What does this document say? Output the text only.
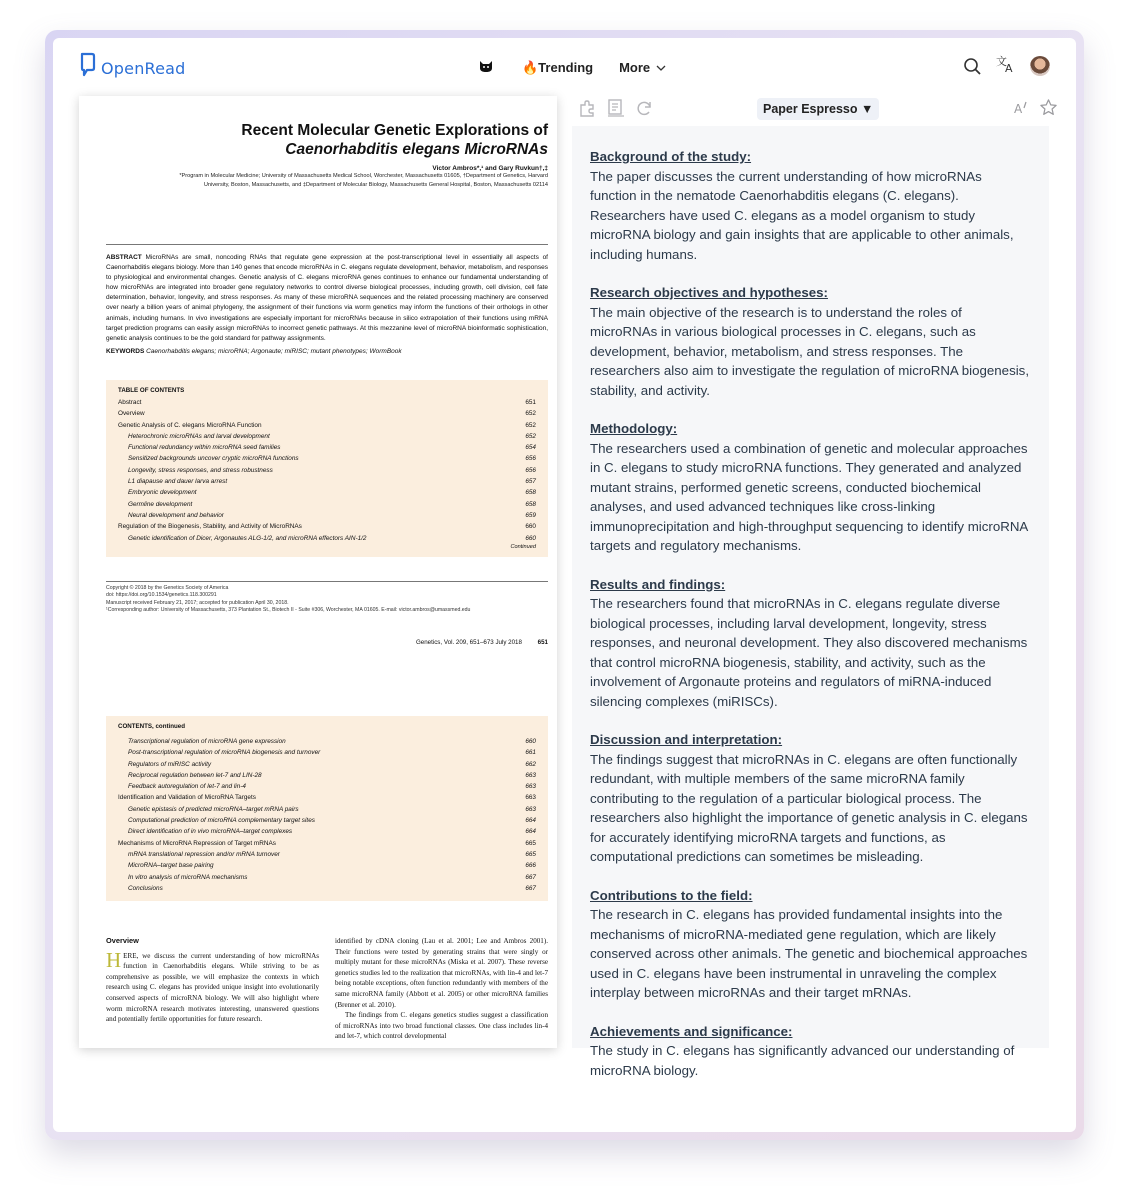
OpenRead	🔥Trending More	文
A
Recent Molecular Genetic Explorations of
Caenorhabditis elegans MicroRNAs
Victor Ambros*,¹ and Gary Ruvkun†,‡
*Program in Molecular Medicine; University of Massachusetts Medical School, Worchester, Massachusetts 01605, †Department of Genetics, Harvard University, Boston, Massachusetts, and ‡Department of Molecular Biology, Massachusetts General Hospital, Boston, Massachusetts 02114
ABSTRACT MicroRNAs are small, noncoding RNAs that regulate gene expression at the post-transcriptional level in essentially all aspects of Caenorhabditis elegans biology. More than 140 genes that encode microRNAs in C. elegans regulate development, behavior, metabolism, and responses to physiological and environmental changes. Genetic analysis of C. elegans microRNA genes continues to enhance our fundamental understanding of how microRNAs are integrated into broader gene regulatory networks to control diverse biological processes, including growth, cell division, cell fate determination, behavior, longevity, and stress responses. As many of these microRNA sequences and the related processing machinery are conserved over nearly a billion years of animal phylogeny, the assignment of their functions via worm genetics may inform the functions of their orthologs in other animals, including humans. In vivo investigations are especially important for microRNAs because in silico extrapolation of their functions using mRNA target prediction programs can easily assign microRNAs to incorrect genetic pathways. At this mezzanine level of microRNA bioinformatic sophistication, genetic analysis continues to be the gold standard for pathway assignments.
KEYWORDS Caenorhabditis elegans; microRNA; Argonaute; miRISC; mutant phenotypes; WormBook
TABLE OF CONTENTS
Abstract	651
Overview	652
Genetic Analysis of C. elegans MicroRNA Function	652
Heterochronic microRNAs and larval development	652
Functional redundancy within microRNA seed families	654
Sensitized backgrounds uncover cryptic microRNA functions	656
Longevity, stress responses, and stress robustness	656
L1 diapause and dauer larva arrest	657
Embryonic development	658
Germline development	658
Neural development and behavior	659
Regulation of the Biogenesis, Stability, and Activity of MicroRNAs	660
Genetic identification of Dicer, Argonautes ALG-1/2, and microRNA effectors AIN-1/2	660
Continued
Copyright © 2018 by the Genetics Society of America
doi: https://doi.org/10.1534/genetics.118.300291
Manuscript received February 21, 2017; accepted for publication April 30, 2018.
¹Corresponding author: University of Massachusetts, 373 Plantation St., Biotech II - Suite #306, Worchester, MA 01605. E-mail: victor.ambros@umassmed.edu
Genetics, Vol. 209, 651–673 July 2018	651
CONTENTS, continued
Transcriptional regulation of microRNA gene expression	660
Post-transcriptional regulation of microRNA biogenesis and turnover	661
Regulators of miRISC activity	662
Reciprocal regulation between let-7 and LIN-28	663
Feedback autoregulation of let-7 and lin-4	663
Identification and Validation of MicroRNA Targets	663
Genetic epistasis of predicted microRNA–target mRNA pairs	663
Computational prediction of microRNA complementary target sites	664
Direct identification of in vivo microRNA–target complexes	664
Mechanisms of MicroRNA Repression of Target mRNAs	665
mRNA translational repression and/or mRNA turnover	665
MicroRNA–target base pairing	666
In vitro analysis of microRNA mechanisms	667
Conclusions	667
Overview
H ERE, we discuss the current understanding of how microRNAs function in Caenorhabditis elegans. While striving to be as comprehensive as possible, we will emphasize the contexts in which research using C. elegans has provided unique insight into evolutionarily conserved aspects of microRNA biology. We will also highlight where worm microRNA research motivates interesting, unanswered questions and potentially fertile opportunities for future research.
identified by cDNA cloning (Lau et al. 2001; Lee and Ambros 2001). Their functions were tested by generating strains that were singly or multiply mutant for these microRNAs (Miska et al. 2007). These reverse genetics studies led to the realization that microRNAs, with lin-4 and let-7 being notable exceptions, often function redundantly with members of the same microRNA family (Abbott et al. 2005) or other microRNA families (Brenner et al. 2010).
The findings from C. elegans genetics studies suggest a classification of microRNAs into two broad functional classes. One class includes lin-4 and let-7, which control developmental
Paper Espresso ▼	A
Background of the study:
The paper discusses the current understanding of how microRNAs function in the nematode Caenorhabditis elegans (C. elegans). Researchers have used C. elegans as a model organism to study microRNA biology and gain insights that are applicable to other animals, including humans.
Research objectives and hypotheses:
The main objective of the research is to understand the roles of microRNAs in various biological processes in C. elegans, such as development, behavior, metabolism, and stress responses. The researchers also aim to investigate the regulation of microRNA biogenesis, stability, and activity.
Methodology:
The researchers used a combination of genetic and molecular approaches in C. elegans to study microRNA functions. They generated and analyzed mutant strains, performed genetic screens, conducted biochemical analyses, and used advanced techniques like cross-linking immunoprecipitation and high-throughput sequencing to identify microRNA targets and regulatory mechanisms.
Results and findings:
The researchers found that microRNAs in C. elegans regulate diverse biological processes, including larval development, longevity, stress responses, and neuronal development. They also discovered mechanisms that control microRNA biogenesis, stability, and activity, such as the involvement of Argonaute proteins and regulators of miRNA-induced silencing complexes (miRISCs).
Discussion and interpretation:
The findings suggest that microRNAs in C. elegans are often functionally redundant, with multiple members of the same microRNA family contributing to the regulation of a particular biological process. The researchers also highlight the importance of genetic analysis in C. elegans for accurately identifying microRNA targets and functions, as computational predictions can sometimes be misleading.
Contributions to the field:
The research in C. elegans has provided fundamental insights into the mechanisms of microRNA-mediated gene regulation, which are likely conserved across other animals. The genetic and biochemical approaches used in C. elegans have been instrumental in unraveling the complex interplay between microRNAs and their target mRNAs.
Achievements and significance:
The study in C. elegans has significantly advanced our understanding of microRNA biology.
